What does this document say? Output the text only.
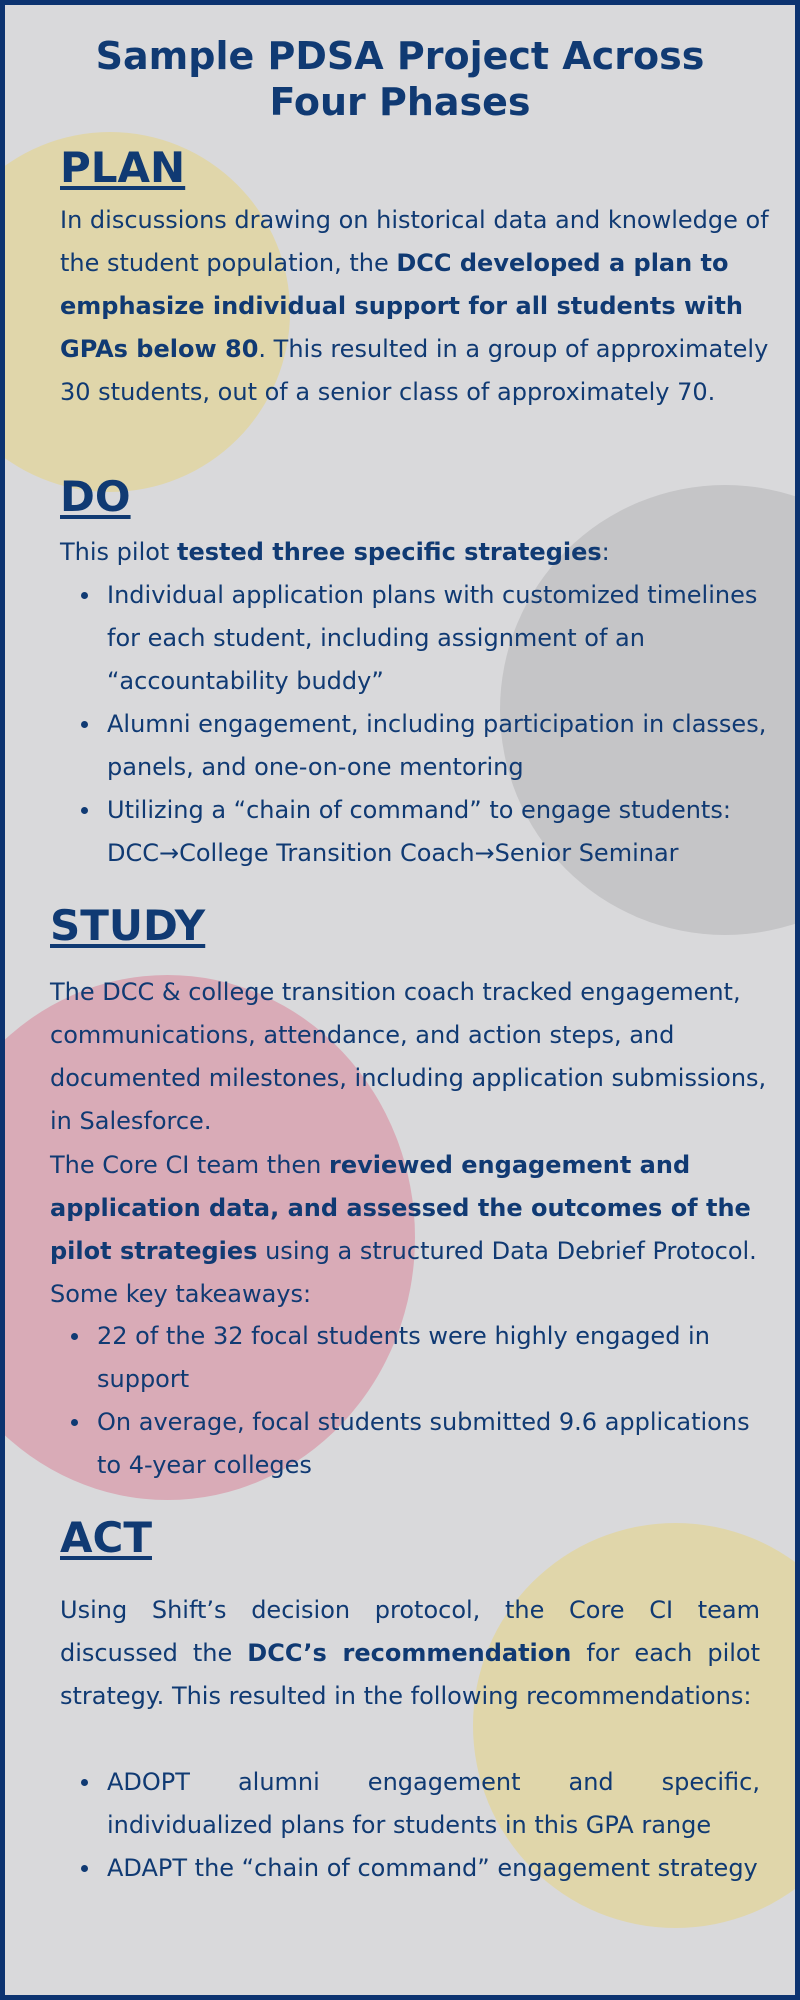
Sample PDSA Project Across
Four Phases
PLAN

In discussions drawing on historical data and knowledge of the student population, the DCC developed a plan to emphasize individual support for all students with GPAs below 80. This resulted in a group of approximately 30 students, out of a senior class of approximately 70.

DO

This pilot tested three specific strategies:

Individual application plans with customized timelines for each student, including assignment of an “accountability buddy”
Alumni engagement, including participation in classes, panels, and one-on-one mentoring
Utilizing a “chain of command” to engage students: DCC→College Transition Coach→Senior Seminar
STUDY

The DCC & college transition coach tracked engagement, communications, attendance, and action steps, and documented milestones, including application submissions, in Salesforce.

The Core CI team then reviewed engagement and application data, and assessed the outcomes of the pilot strategies using a structured Data Debrief Protocol. Some key takeaways:

22 of the 32 focal students were highly engaged in support
On average, focal students submitted 9.6 applications to 4-year colleges
ACT

Using Shift’s decision protocol, the Core CI team discussed the DCC’s recommendation for each pilot strategy. This resulted in the following recommendations:

ADOPT alumni engagement and specific, individualized plans for students in this GPA range
ADAPT the “chain of command” engagement strategy
